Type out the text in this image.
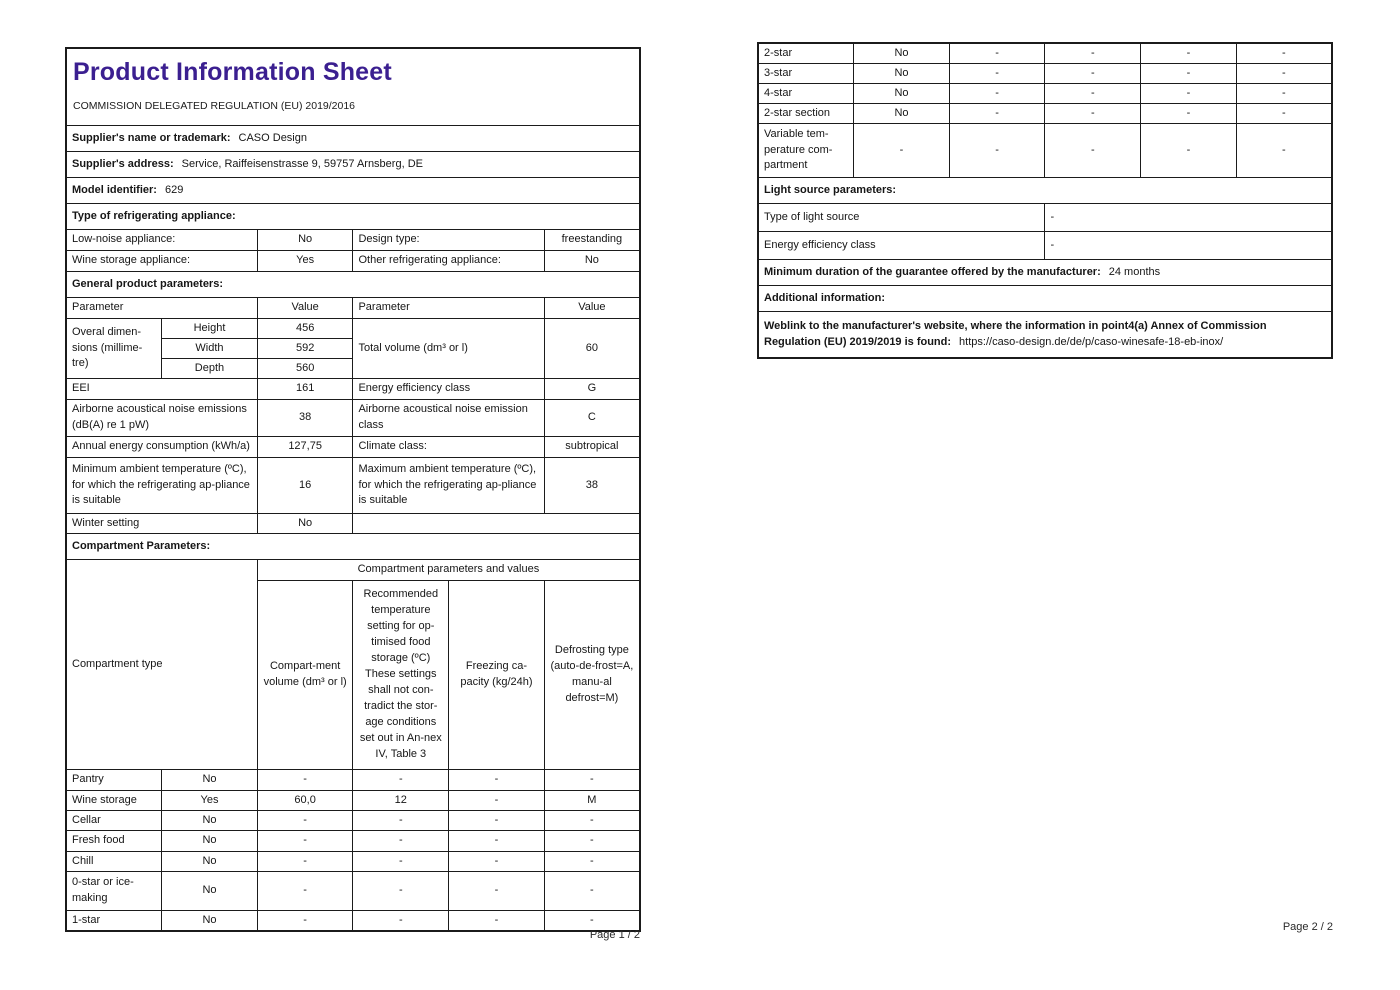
Product Information Sheet
COMMISSION DELEGATED REGULATION (EU) 2019/2016					

Supplier's name or trademark: CASO Design					
Supplier's address: Service, Raiffeisenstrasse 9, 59757 Arnsberg, DE					
Model identifier: 629					
Type of refrigerating appliance:					
Low-noise appliance:		No	Design type:		freestanding
Wine storage appliance:		Yes	Other refrigerating appliance:		No
General product parameters:					
Parameter		Value	Parameter		Value
Overal dimen-sions (millime-tre)	Height	456	Total volume (dm³ or l)		60
	Width	592			
	Depth	560			
EEI		161	Energy efficiency class		G
Airborne acoustical noise emissions (dB(A) re 1 pW)		38	Airborne acoustical noise emission class		C
Annual energy consumption (kWh/a)		127,75	Climate class:		subtropical
Minimum ambient temperature (ºC), for which the refrigerating ap-pliance is suitable		16	Maximum ambient temperature (ºC), for which the refrigerating ap-pliance is suitable		38
Winter setting		No			
Compartment Parameters:					
Compartment type		Compartment parameters and values			
		Compart-ment volume (dm³ or l)	Recommended temperature setting for op-timised food storage (ºC) These settings shall not con-tradict the stor-age conditions set out in An-nex IV, Table 3	Freezing ca-pacity (kg/24h)	Defrosting type (auto-de-frost=A, manu-al defrost=M)
Pantry	No	-	-	-	-
Wine storage	Yes	60,0	12	-	M
Cellar	No	-	-	-	-
Fresh food	No	-	-	-	-
Chill	No	-	-	-	-
0-star or ice-making	No	-	-	-	-
1-star	No	-	-	-	-
Page 1 / 2
2-star	No	-	-	-	-
3-star	No	-	-	-	-
4-star	No	-	-	-	-
2-star section	No	-	-	-	-
Variable tem-perature com-partment	-	-	-	-	-
Light source parameters:					
Type of light source			-		
Energy efficiency class			-		
Minimum duration of the guarantee offered by the manufacturer: 24 months					
Additional information:					
Weblink to the manufacturer's website, where the information in point4(a) Annex of Commission Regulation (EU) 2019/2019 is found: https://caso-design.de/de/p/caso-winesafe-18-eb-inox/					
Page 2 / 2
